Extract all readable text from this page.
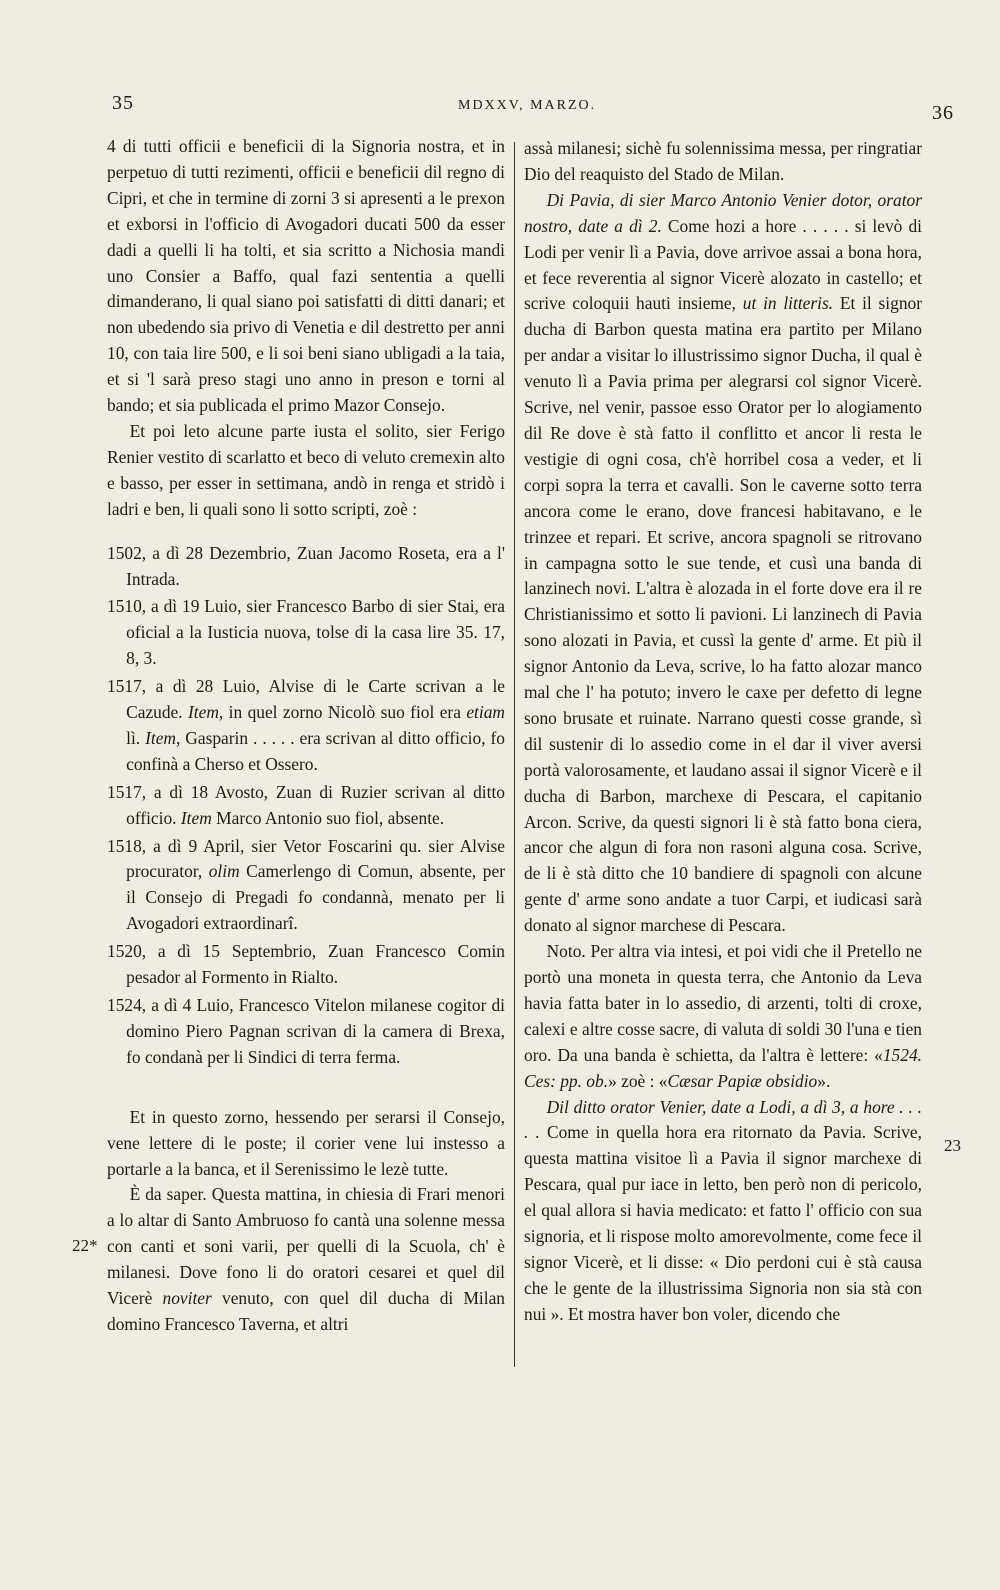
35	MDXXV, MARZO.	36
22*
23

4 di tutti officii e beneficii di la Signoria nostra, et in perpetuo di tutti rezimenti, officii e beneficii dil regno di Cipri, et che in termine di zorni 3 si apresenti a le prexon et exborsi in l'officio di Avogadori ducati 500 da esser dadi a quelli li ha tolti, et sia scritto a Nichosia mandi uno Consier a Baffo, qual fazi sententia a quelli dimanderano, li qual siano poi satisfatti di ditti danari; et non ubedendo sia privo di Venetia e dil destretto per anni 10, con taia lire 500, e li soi beni siano ubligadi a la taia, et si 'l sarà preso stagi uno anno in preson e torni al bando; et sia publicada el primo Mazor Consejo.

Et poi leto alcune parte iusta el solito, sier Ferigo Renier vestito di scarlatto et beco di veluto cremexin alto e basso, per esser in settimana, andò in renga et stridò i ladri e ben, li quali sono li sotto scripti, zoè :

1502, a dì 28 Dezembrio, Zuan Jacomo Roseta, era a l' Intrada.

1510, a dì 19 Luio, sier Francesco Barbo di sier Stai, era oficial a la Iusticia nuova, tolse di la casa lire 35. 17, 8, 3.

1517, a dì 28 Luio, Alvise di le Carte scrivan a le Cazude. Item, in quel zorno Nicolò suo fiol era etiam lì. Item, Gasparin . . . . . era scrivan al ditto officio, fo confinà a Cherso et Ossero.

1517, a dì 18 Avosto, Zuan di Ruzier scrivan al ditto officio. Item Marco Antonio suo fiol, absente.

1518, a dì 9 April, sier Vetor Foscarini qu. sier Alvise procurator, olim Camerlengo di Comun, absente, per il Consejo di Pregadi fo condannà, menato per li Avogadori extraordinarî.

1520, a dì 15 Septembrio, Zuan Francesco Comin pesador al Formento in Rialto.

1524, a dì 4 Luio, Francesco Vitelon milanese cogitor di domino Piero Pagnan scrivan di la camera di Brexa, fo condanà per li Sindici di terra ferma.

Et in questo zorno, hessendo per serarsi il Consejo, vene lettere di le poste; il corier vene lui instesso a portarle a la banca, et il Serenissimo le lezè tutte.

È da saper. Questa mattina, in chiesia di Frari menori a lo altar di Santo Ambruoso fo cantà una solenne messa con canti et soni varii, per quelli di la Scuola, ch' è milanesi. Dove fono li do oratori cesarei et quel dil Vicerè noviter venuto, con quel dil ducha di Milan domino Francesco Taverna, et altri

assà milanesi; sichè fu solennissima messa, per ringratiar Dio del reaquisto del Stado de Milan.

Di Pavia, di sier Marco Antonio Venier dotor, orator nostro, date a dì 2. Come hozi a hore . . . . . si levò di Lodi per venir lì a Pavia, dove arrivoe assai a bona hora, et fece reverentia al signor Vicerè alozato in castello; et scrive coloquii hauti insieme, ut in litteris. Et il signor ducha di Barbon questa matina era partito per Milano per andar a visitar lo illustrissimo signor Ducha, il qual è venuto lì a Pavia prima per alegrarsi col signor Vicerè. Scrive, nel venir, passoe esso Orator per lo alogiamento dil Re dove è stà fatto il conflitto et ancor li resta le vestigie di ogni cosa, ch'è horribel cosa a veder, et li corpi sopra la terra et cavalli. Son le caverne sotto terra ancora come le erano, dove francesi habitavano, e le trinzee et repari. Et scrive, ancora spagnoli se ritrovano in campagna sotto le sue tende, et cusì una banda di lanzinech novi. L'altra è alozada in el forte dove era il re Christianissimo et sotto li pavioni. Li lanzinech di Pavia sono alozati in Pavia, et cussì la gente d' arme. Et più il signor Antonio da Leva, scrive, lo ha fatto alozar manco mal che l' ha potuto; invero le caxe per defetto di legne sono brusate et ruinate. Narrano questi cosse grande, sì dil sustenir di lo assedio come in el dar il viver aversi portà valorosamente, et laudano assai il signor Vicerè e il ducha di Barbon, marchexe di Pescara, el capitanio Arcon. Scrive, da questi signori li è stà fatto bona ciera, ancor che algun di fora non rasoni alguna cosa. Scrive, de li è stà ditto che 10 bandiere di spagnoli con alcune gente d' arme sono andate a tuor Carpi, et iudicasi sarà donato al signor marchese di Pescara.

Noto. Per altra via intesi, et poi vidi che il Pretello ne portò una moneta in questa terra, che Antonio da Leva havia fatta bater in lo assedio, di arzenti, tolti di croxe, calexi e altre cosse sacre, di valuta di soldi 30 l'una e tien oro. Da una banda è schietta, da l'altra è lettere: «1524. Ces: pp. ob.» zoè : «Cæsar Papiæ obsidio».

Dil ditto orator Venier, date a Lodi, a dì 3, a hore . . . . . Come in quella hora era ritornato da Pavia. Scrive, questa mattina visitoe lì a Pavia il signor marchexe di Pescara, qual pur iace in letto, ben però non di pericolo, el qual allora si havia medicato: et fatto l' officio con sua signoria, et li rispose molto amorevolmente, come fece il signor Vicerè, et li disse: « Dio perdoni cui è stà causa che le gente de la illustrissima Signoria non sia stà con nui ». Et mostra haver bon voler, dicendo che
